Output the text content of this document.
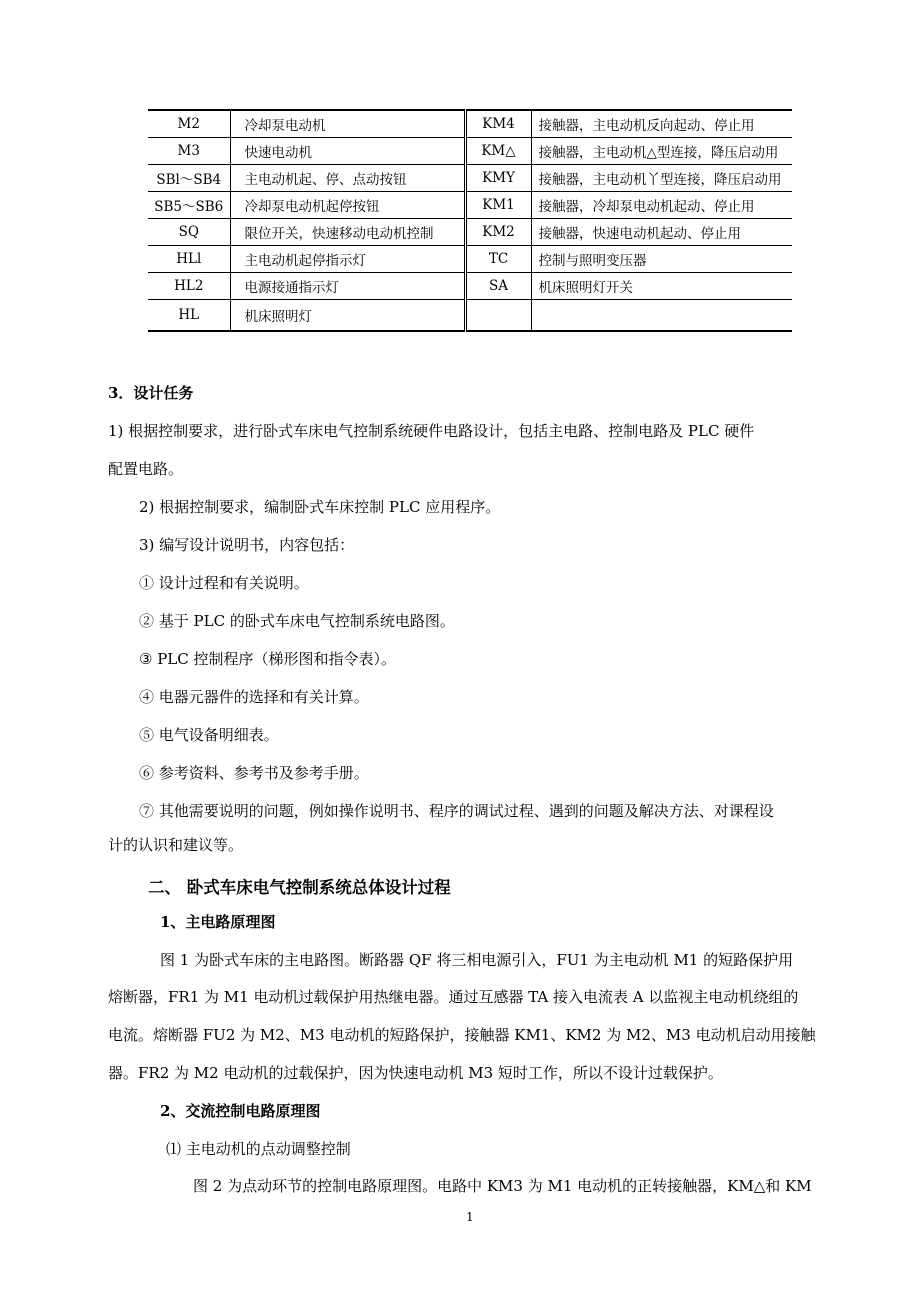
M2	冷却泵电动机	KM4	接触器，主电动机反向起动、停止用
M3	快速电动机	KM△	接触器，主电动机△型连接，降压启动用
SBl～SB4	主电动机起、停、点动按钮	KMY	接触器，主电动机丫型连接，降压启动用
SB5～SB6	冷却泵电动机起停按钮	KM1	接触器，冷却泵电动机起动、停止用
SQ	限位开关，快速移动电动机控制	KM2	接触器，快速电动机起动、停止用
HLl	主电动机起停指示灯	TC	控制与照明变压器
HL2	电源接通指示灯	SA	机床照明灯开关
HL	机床照明灯		

3．设计任务

1) 根据控制要求，进行卧式车床电气控制系统硬件电路设计，包括主电路、控制电路及 PLC 硬件

配置电路。

2) 根据控制要求，编制卧式车床控制 PLC 应用程序。

3) 编写设计说明书，内容包括：

① 设计过程和有关说明。

② 基于 PLC 的卧式车床电气控制系统电路图。

③ PLC 控制程序（梯形图和指令表）。

④ 电器元器件的选择和有关计算。

⑤ 电气设备明细表。

⑥ 参考资料、参考书及参考手册。

⑦ 其他需要说明的问题，例如操作说明书、程序的调试过程、遇到的问题及解决方法、对课程设

计的认识和建议等。

二、 卧式车床电气控制系统总体设计过程

1、主电路原理图

图 1 为卧式车床的主电路图。断路器 QF 将三相电源引入，FU1 为主电动机 M1 的短路保护用

熔断器，FR1 为 M1 电动机过载保护用热继电器。通过互感器 TA 接入电流表 A 以监视主电动机绕组的

电流。熔断器 FU2 为 M2、M3 电动机的短路保护，接触器 KM1、KM2 为 M2、M3 电动机启动用接触

器。FR2 为 M2 电动机的过载保护，因为快速电动机 M3 短时工作，所以不设计过载保护。

2、交流控制电路原理图

⑴ 主电动机的点动调整控制

图 2 为点动环节的控制电路原理图。电路中 KM3 为 M1 电动机的正转接触器，KM△和 KM

1
